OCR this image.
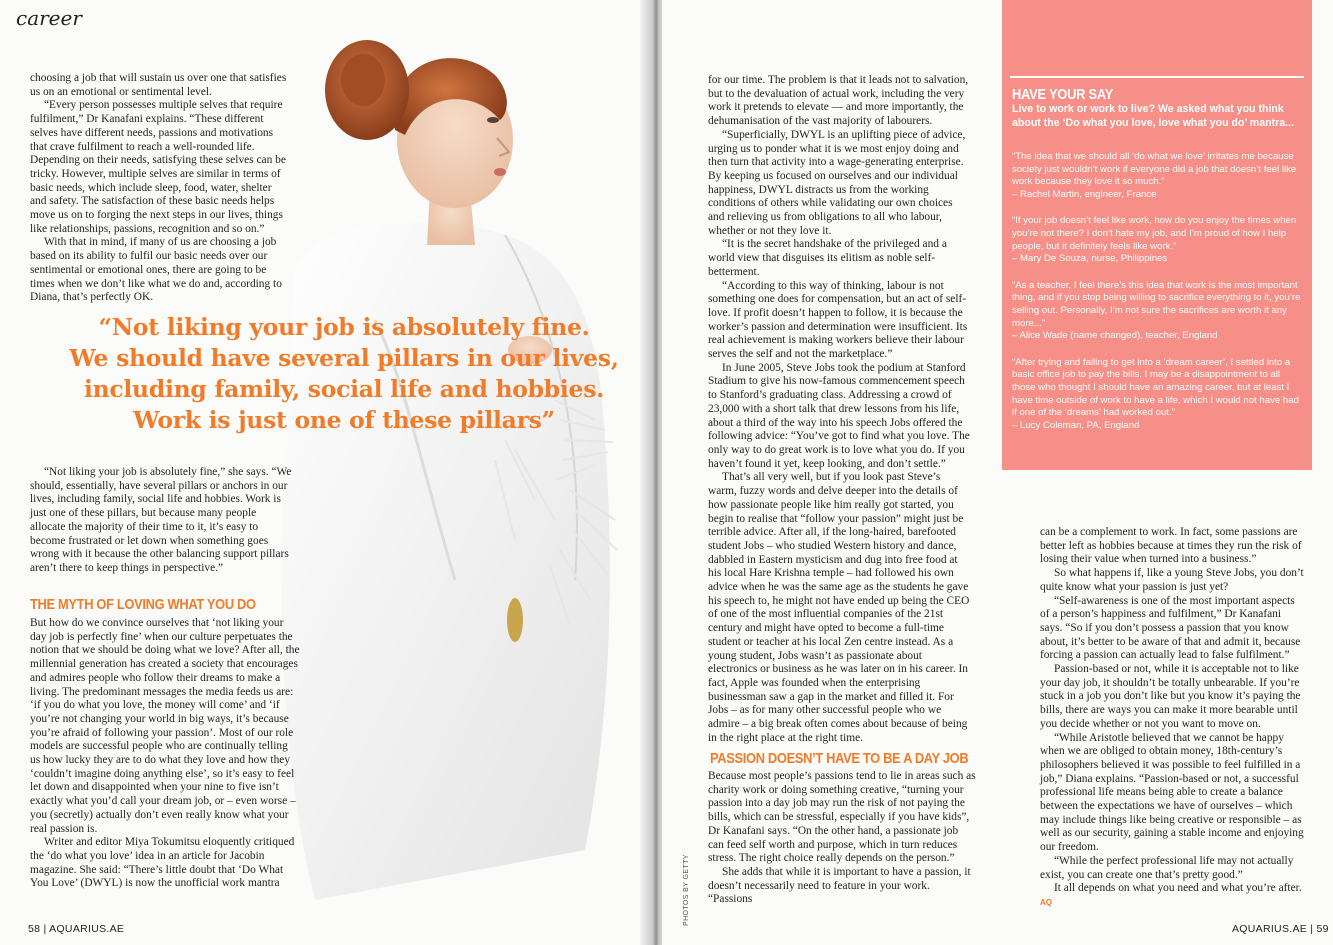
career

choosing a job that will sustain us over one that satisfies us on an emotional or sentimental level.

“Every person possesses multiple selves that require fulfilment,” Dr Kanafani explains. “These different selves have different needs, passions and motivations that crave fulfilment to reach a well-rounded life. Depending on their needs, satisfying these selves can be tricky. However, multiple selves are similar in terms of basic needs, which include sleep, food, water, shelter and safety. The satisfaction of these basic needs helps move us on to forging the next steps in our lives, things like relationships, passions, recognition and so on.”

With that in mind, if many of us are choosing a job based on its ability to fulfil our basic needs over our sentimental or emotional ones, there are going to be times when we don’t like what we do and, according to Diana, that’s perfectly OK.

“Not liking your job is absolutely fine.
We should have several pillars in our lives,
including family, social life and hobbies.
Work is just one of these pillars”

“Not liking your job is absolutely fine,” she says. “We should, essentially, have several pillars or anchors in our lives, including family, social life and hobbies. Work is just one of these pillars, but because many people allocate the majority of their time to it, it’s easy to become frustrated or let down when something goes wrong with it because the other balancing support pillars aren’t there to keep things in perspective.”

THE MYTH OF LOVING WHAT YOU DO

But how do we convince ourselves that ‘not liking your day job is perfectly fine’ when our culture perpetuates the notion that we should be doing what we love? After all, the millennial generation has created a society that encourages and admires people who follow their dreams to make a living. The predominant messages the media feeds us are: ‘if you do what you love, the money will come’ and ‘if you’re not changing your world in big ways, it’s because you’re afraid of following your passion’. Most of our role models are successful people who are continually telling us how lucky they are to do what they love and how they ‘couldn’t imagine doing anything else’, so it’s easy to feel let down and disappointed when your nine to five isn’t exactly what you’d call your dream job, or – even worse – you (secretly) actually don’t even really know what your real passion is.

Writer and editor Miya Tokumitsu eloquently critiqued the ‘do what you love’ idea in an article for Jacobin magazine. She said: “There’s little doubt that ‘Do What You Love’ (DWYL) is now the unofficial work mantra

58 | AQUARIUS.AE

for our time. The problem is that it leads not to salvation, but to the devaluation of actual work, including the very work it pretends to elevate — and more importantly, the dehumanisation of the vast majority of labourers.

“Superficially, DWYL is an uplifting piece of advice, urging us to ponder what it is we most enjoy doing and then turn that activity into a wage-generating enterprise. By keeping us focused on ourselves and our individual happiness, DWYL distracts us from the working conditions of others while validating our own choices and relieving us from obligations to all who labour, whether or not they love it.

“It is the secret handshake of the privileged and a world view that disguises its elitism as noble self-betterment.

“According to this way of thinking, labour is not something one does for compensation, but an act of self-love. If profit doesn’t happen to follow, it is because the worker’s passion and determination were insufficient. Its real achievement is making workers believe their labour serves the self and not the marketplace.”

In June 2005, Steve Jobs took the podium at Stanford Stadium to give his now-famous commencement speech to Stanford’s graduating class. Addressing a crowd of 23,000 with a short talk that drew lessons from his life, about a third of the way into his speech Jobs offered the following advice: “You’ve got to find what you love. The only way to do great work is to love what you do. If you haven’t found it yet, keep looking, and don’t settle.”

That’s all very well, but if you look past Steve’s warm, fuzzy words and delve deeper into the details of how passionate people like him really got started, you begin to realise that “follow your passion” might just be terrible advice. After all, if the long-haired, barefooted student Jobs – who studied Western history and dance, dabbled in Eastern mysticism and dug into free food at his local Hare Krishna temple – had followed his own advice when he was the same age as the students he gave his speech to, he might not have ended up being the CEO of one of the most influential companies of the 21st century and might have opted to become a full-time student or teacher at his local Zen centre instead. As a young student, Jobs wasn’t as passionate about electronics or business as he was later on in his career. In fact, Apple was founded when the enterprising businessman saw a gap in the market and filled it. For Jobs – as for many other successful people who we admire – a big break often comes about because of being in the right place at the right time.

PASSION DOESN’T HAVE TO BE A DAY JOB

Because most people’s passions tend to lie in areas such as charity work or doing something creative, “turning your passion into a day job may run the risk of not paying the bills, which can be stressful, especially if you have kids”, Dr Kanafani says. “On the other hand, a passionate job can feed self worth and purpose, which in turn reduces stress. The right choice really depends on the person.”

She adds that while it is important to have a passion, it doesn’t necessarily need to feature in your work. “Passions

PHOTOS BY GETTY
HAVE YOUR SAY
Live to work or work to live? We asked what you think about the ‘Do what you love, love what you do’ mantra...
“The idea that we should all ‘do what we love’ irritates me because society just wouldn’t work if everyone did a job that doesn’t feel like work because they love it so much.”
– Rachel Martin, engineer, France
“If your job doesn’t feel like work, how do you enjoy the times when you’re not there? I don’t hate my job, and I’m proud of how I help people, but it definitely feels like work.”
– Mary De Souza, nurse, Philippines
“As a teacher, I feel there’s this idea that work is the most important thing, and if you stop being willing to sacrifice everything to it, you’re selling out. Personally, I’m not sure the sacrifices are worth it any more...”
– Alice Wade (name changed), teacher, England
“After trying and failing to get into a ‘dream career’, I settled into a basic office job to pay the bills. I may be a disappointment to all those who thought I should have an amazing career, but at least I have time outside of work to have a life, which I would not have had if one of the ‘dreams’ had worked out.”
– Lucy Coleman, PA, England

can be a complement to work. In fact, some passions are better left as hobbies because at times they run the risk of losing their value when turned into a business.”

So what happens if, like a young Steve Jobs, you don’t quite know what your passion is just yet?

“Self-awareness is one of the most important aspects of a person’s happiness and fulfilment,” Dr Kanafani says. “So if you don’t possess a passion that you know about, it’s better to be aware of that and admit it, because forcing a passion can actually lead to false fulfilment.”

Passion-based or not, while it is acceptable not to like your day job, it shouldn’t be totally unbearable. If you’re stuck in a job you don’t like but you know it’s paying the bills, there are ways you can make it more bearable until you decide whether or not you want to move on.

“While Aristotle believed that we cannot be happy when we are obliged to obtain money, 18th-century’s philosophers believed it was possible to feel fulfilled in a job,” Diana explains. “Passion-based or not, a successful professional life means being able to create a balance between the expectations we have of ourselves – which may include things like being creative or responsible – as well as our security, gaining a stable income and enjoying our freedom.

“While the perfect professional life may not actually exist, you can create one that’s pretty good.”

It all depends on what you need and what you’re after. AQ

AQUARIUS.AE | 59
